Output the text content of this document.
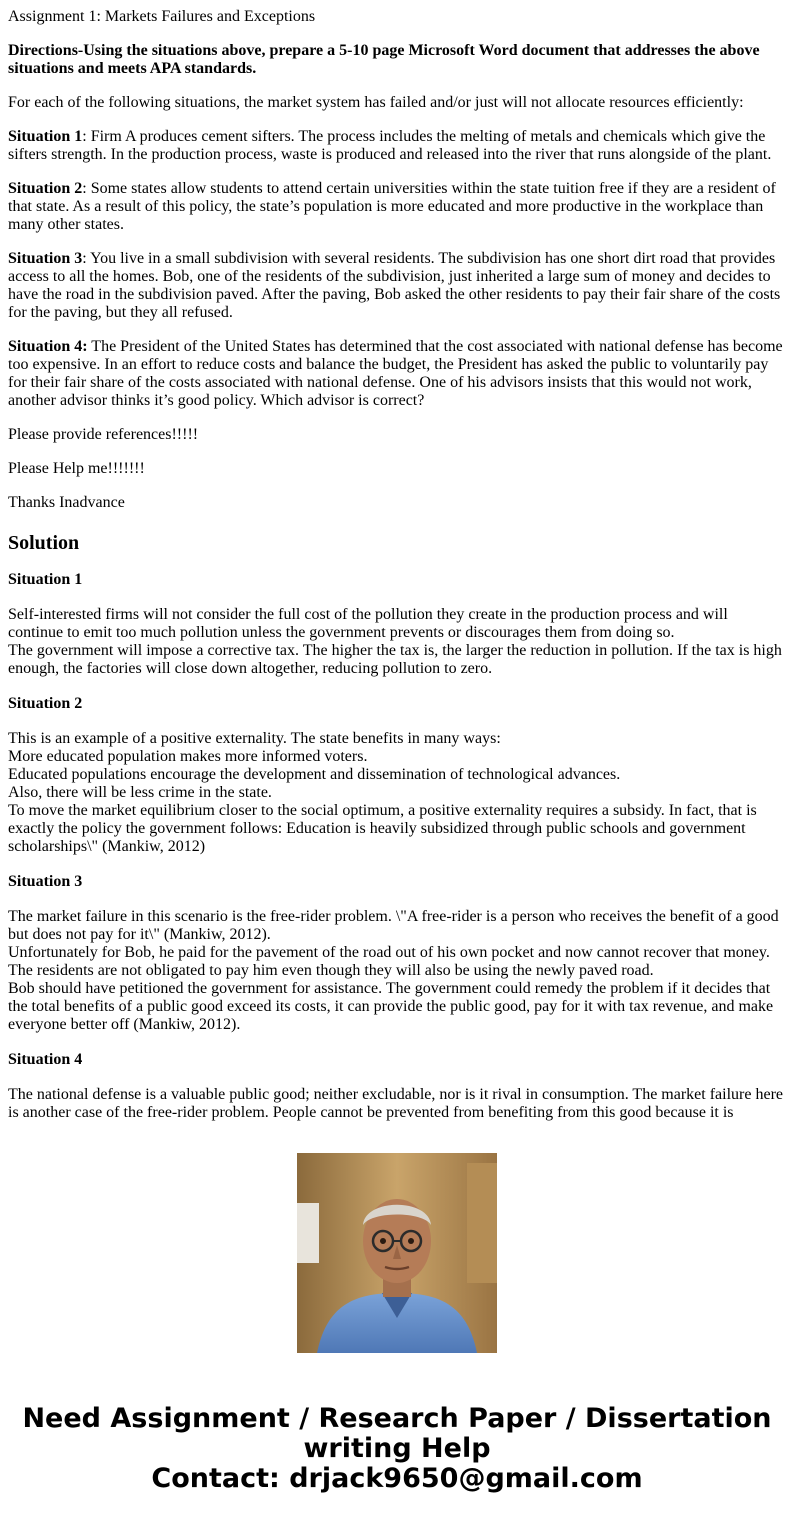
Assignment 1: Markets Failures and Exceptions

Directions-Using the situations above, prepare a 5-10 page Microsoft Word document that addresses the above situations and meets APA standards.

For each of the following situations, the market system has failed and/or just will not allocate resources efficiently:

Situation 1: Firm A produces cement sifters. The process includes the melting of metals and chemicals which give the sifters strength. In the production process, waste is produced and released into the river that runs alongside of the plant.

Situation 2: Some states allow students to attend certain universities within the state tuition free if they are a resident of that state. As a result of this policy, the state’s population is more educated and more productive in the workplace than many other states.

Situation 3: You live in a small subdivision with several residents. The subdivision has one short dirt road that provides access to all the homes. Bob, one of the residents of the subdivision, just inherited a large sum of money and decides to have the road in the subdivision paved. After the paving, Bob asked the other residents to pay their fair share of the costs for the paving, but they all refused.

Situation 4: The President of the United States has determined that the cost associated with national defense has become too expensive. In an effort to reduce costs and balance the budget, the President has asked the public to voluntarily pay for their fair share of the costs associated with national defense. One of his advisors insists that this would not work, another advisor thinks it’s good policy. Which advisor is correct?

Please provide references!!!!!

Please Help me!!!!!!!

Thanks Inadvance

Solution
Situation 1
Self-interested firms will not consider the full cost of the pollution they create in the production process and will continue to emit too much pollution unless the government prevents or discourages them from doing so.
The government will impose a corrective tax. The higher the tax is, the larger the reduction in pollution. If the tax is high enough, the factories will close down altogether, reducing pollution to zero.
Situation 2
This is an example of a positive externality. The state benefits in many ways:
More educated population makes more informed voters.
Educated populations encourage the development and dissemination of technological advances.
Also, there will be less crime in the state.
To move the market equilibrium closer to the social optimum, a positive externality requires a subsidy. In fact, that is exactly the policy the government follows: Education is heavily subsidized through public schools and government scholarships\" (Mankiw, 2012)
Situation 3
The market failure in this scenario is the free-rider problem. \"A free-rider is a person who receives the benefit of a good but does not pay for it\" (Mankiw, 2012).
Unfortunately for Bob, he paid for the pavement of the road out of his own pocket and now cannot recover that money. The residents are not obligated to pay him even though they will also be using the newly paved road.
Bob should have petitioned the government for assistance. The government could remedy the problem if it decides that the total benefits of a public good exceed its costs, it can provide the public good, pay for it with tax revenue, and make everyone better off (Mankiw, 2012).
Situation 4
The national defense is a valuable public good; neither excludable, nor is it rival in consumption. The market failure here is another case of the free-rider problem. People cannot be prevented from benefiting from this good because it is
Need Assignment / Research Paper / Dissertation
writing Help
Contact: drjack9650@gmail.com
